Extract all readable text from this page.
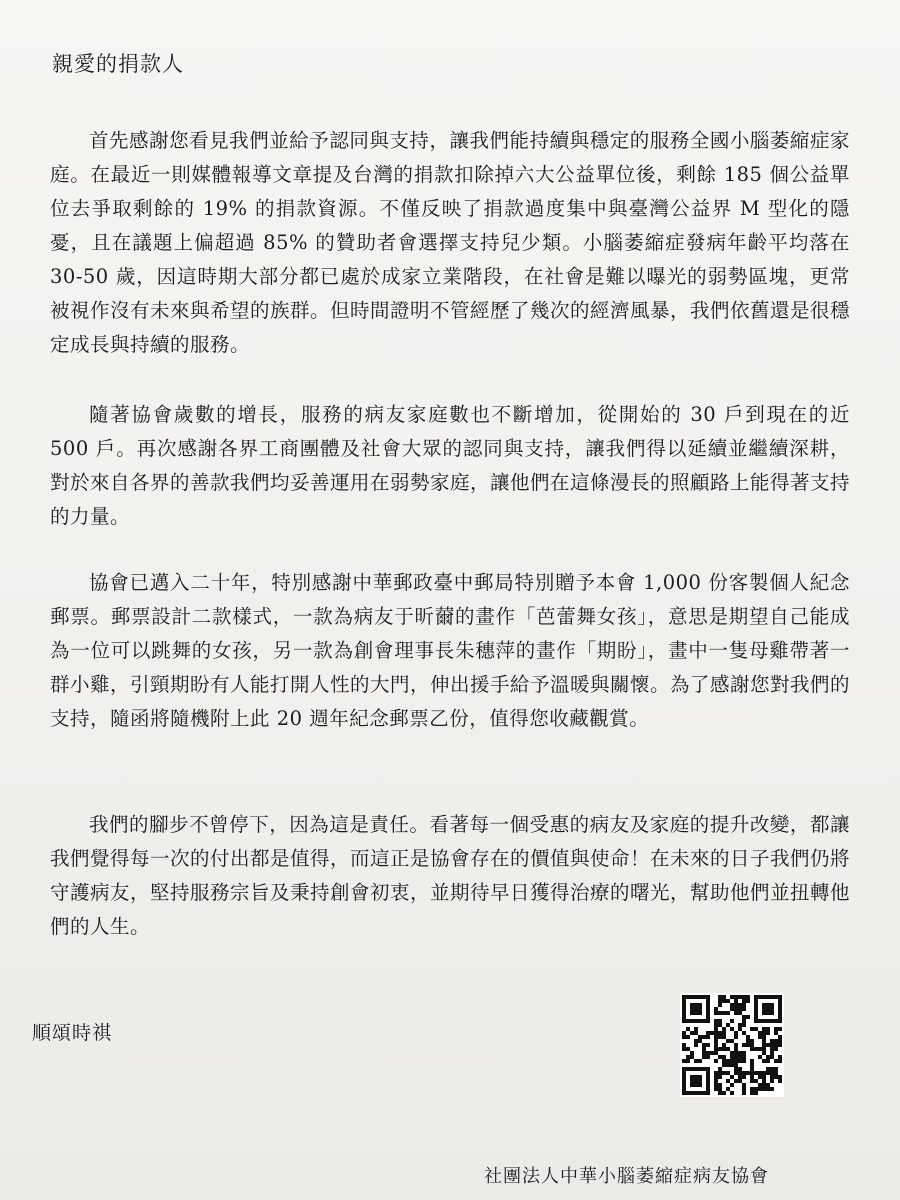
親愛的捐款人

首先感謝您看見我們並給予認同與支持，讓我們能持續與穩定的服務全國小腦萎縮症家庭。在最近一則媒體報導文章提及台灣的捐款扣除掉六大公益單位後，剩餘 185 個公益單位去爭取剩餘的 19% 的捐款資源。不僅反映了捐款過度集中與臺灣公益界 M 型化的隱憂，且在議題上偏超過 85% 的贊助者會選擇支持兒少類。小腦萎縮症發病年齡平均落在 30-50 歲，因這時期大部分都已處於成家立業階段，在社會是難以曝光的弱勢區塊，更常被視作沒有未來與希望的族群。但時間證明不管經歷了幾次的經濟風暴，我們依舊還是很穩定成長與持續的服務。

隨著協會歲數的增長，服務的病友家庭數也不斷增加，從開始的 30 戶到現在的近 500 戶。再次感謝各界工商團體及社會大眾的認同與支持，讓我們得以延續並繼續深耕，對於來自各界的善款我們均妥善運用在弱勢家庭，讓他們在這條漫長的照顧路上能得著支持的力量。

協會已邁入二十年，特別感謝中華郵政臺中郵局特別贈予本會 1,000 份客製個人紀念郵票。郵票設計二款樣式，一款為病友于昕薾的畫作「芭蕾舞女孩」，意思是期望自己能成為一位可以跳舞的女孩，另一款為創會理事長朱穗萍的畫作「期盼」，畫中一隻母雞帶著一群小雞，引頸期盼有人能打開人性的大門，伸出援手給予溫暖與關懷。為了感謝您對我們的支持，隨函將隨機附上此 20 週年紀念郵票乙份，值得您收藏觀賞。

我們的腳步不曾停下，因為這是責任。看著每一個受惠的病友及家庭的提升改變，都讓我們覺得每一次的付出都是值得，而這正是協會存在的價值與使命！在未來的日子我們仍將守護病友，堅持服務宗旨及秉持創會初衷，並期待早日獲得治療的曙光，幫助他們並扭轉他們的人生。

順頌時祺
社團法人中華小腦萎縮症病友協會
